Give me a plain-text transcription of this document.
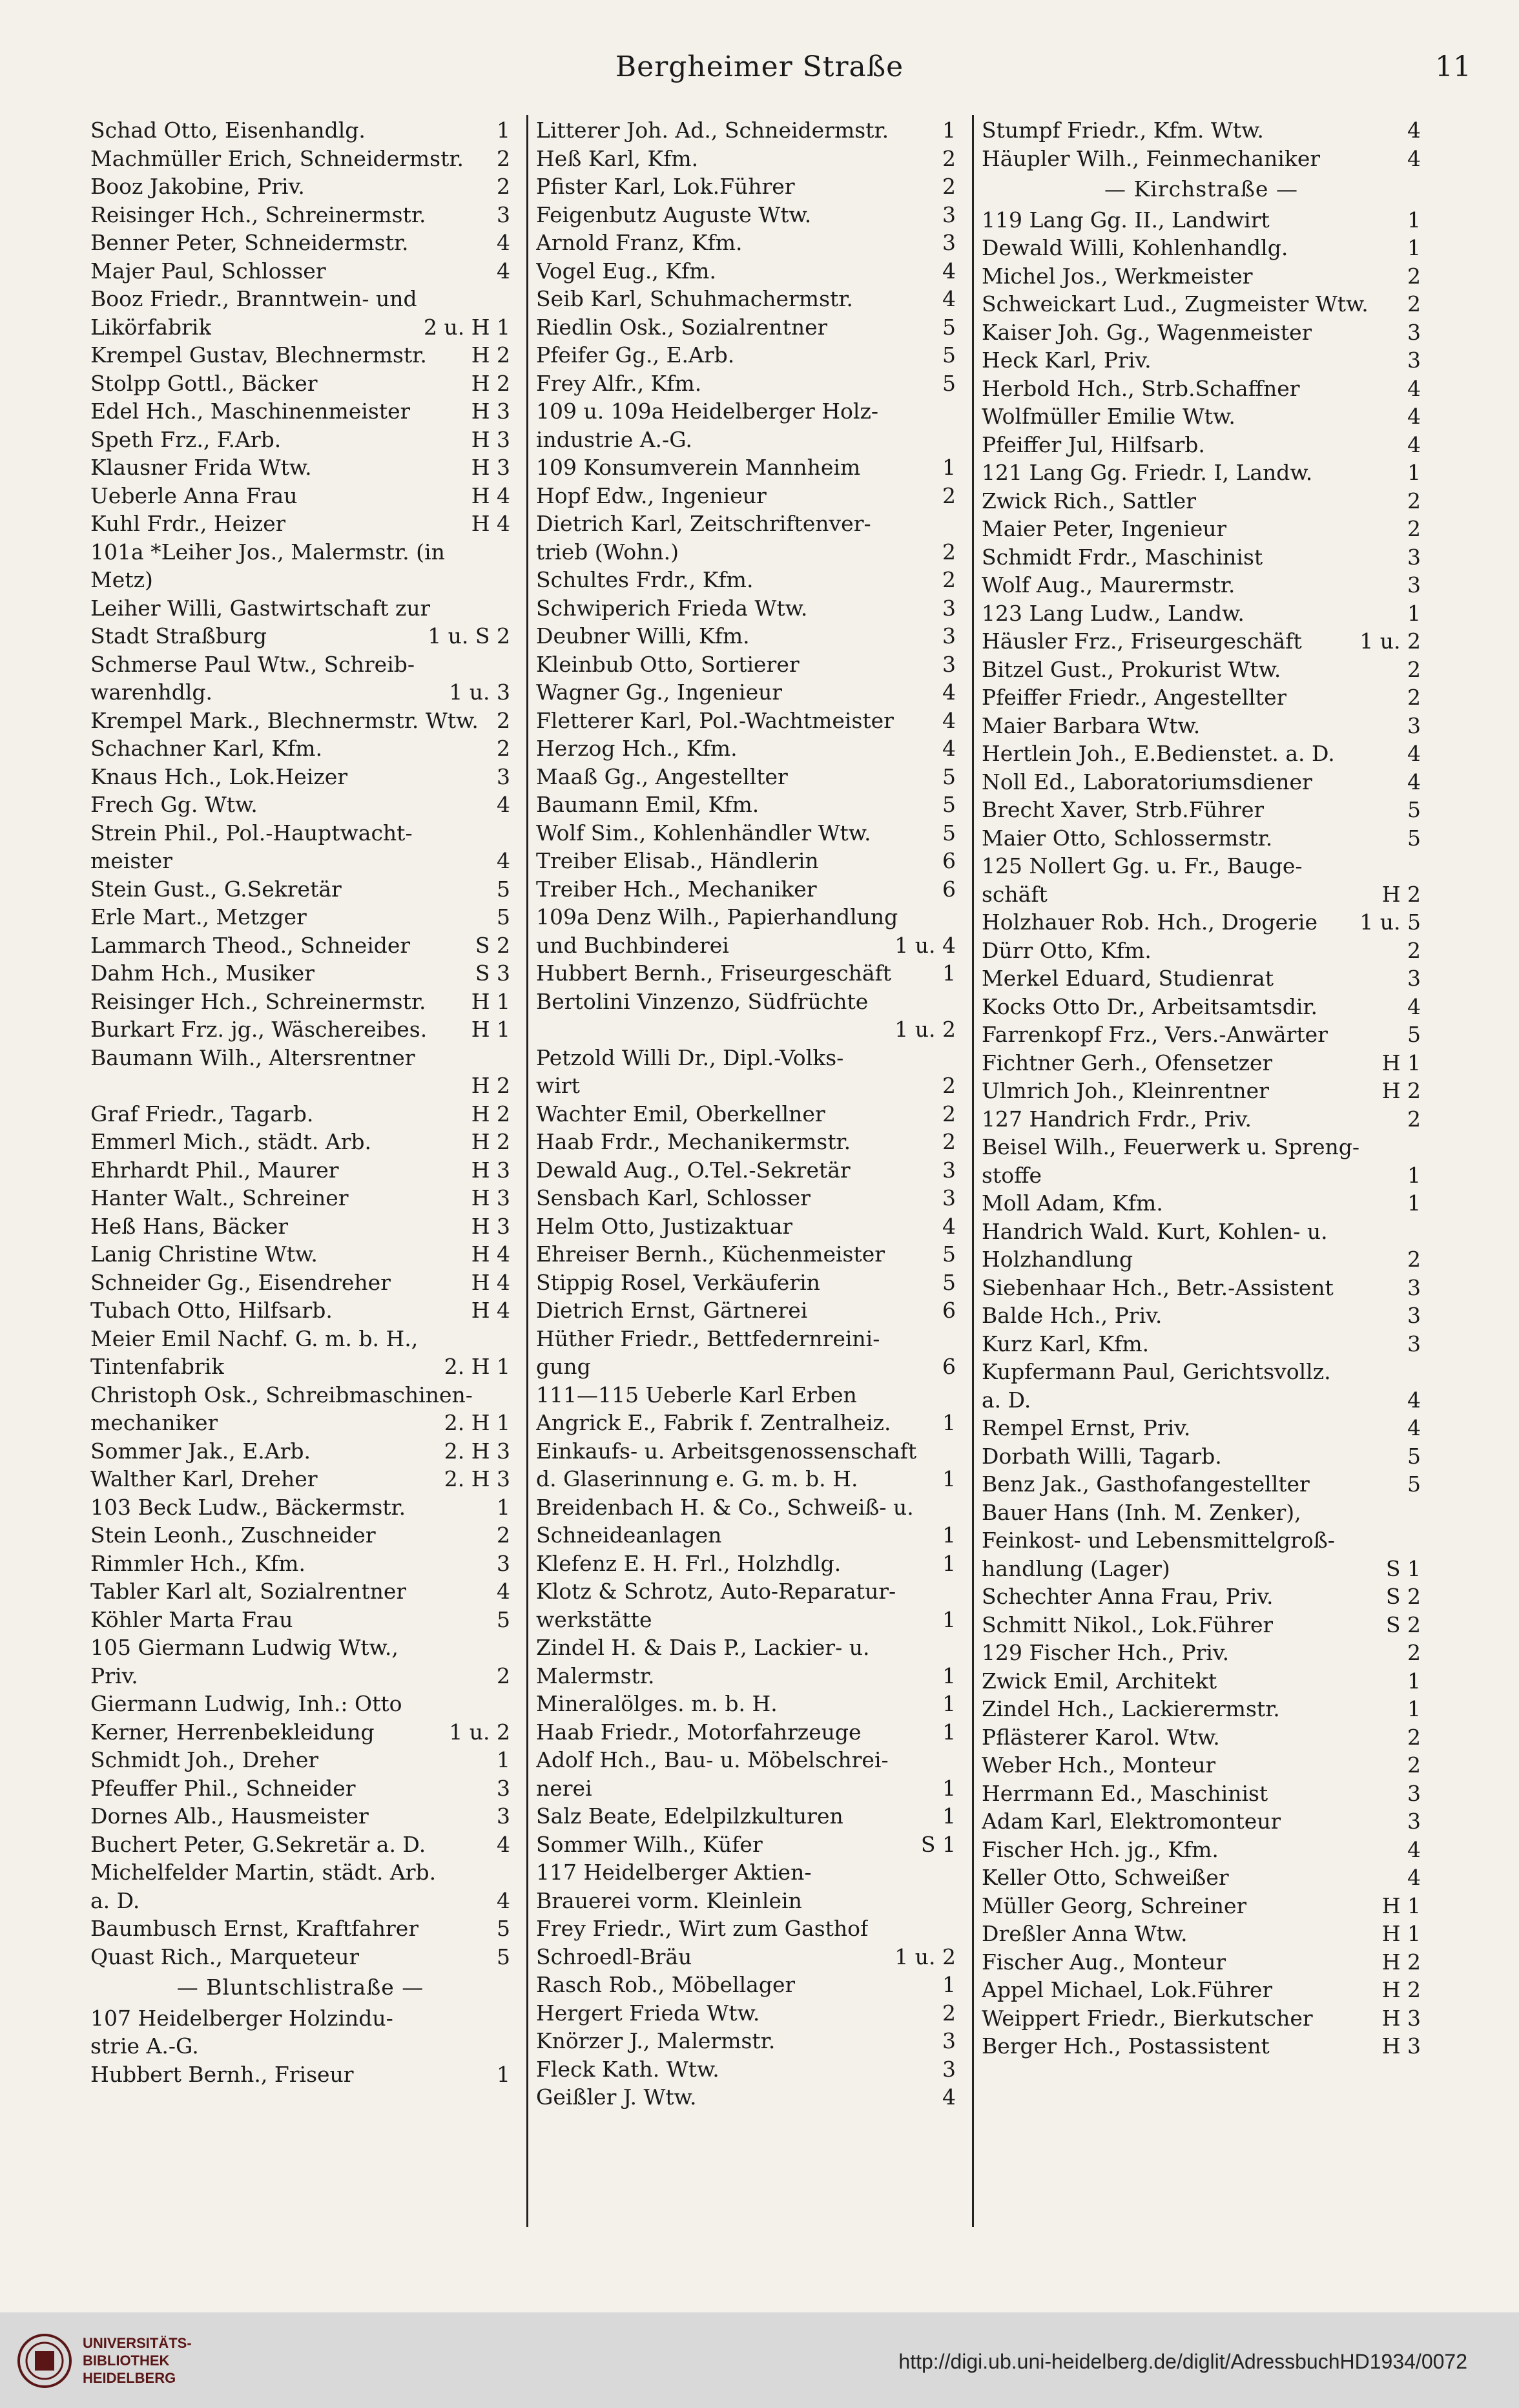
Bergheimer Straße	11
Schad Otto, Eisenhandlg.	1
Machmüller Erich, Schneidermstr. 2
Booz Jakobine, Priv.	2
Reisinger Hch., Schreinermstr.	3
Benner Peter, Schneidermstr.	4
Majer Paul, Schlosser	4
Booz Friedr., Branntwein- und
Likörfabrik	2 u. H 1
Krempel Gustav, Blechnermstr. H 2
Stolpp Gottl., Bäcker	H 2
Edel Hch., Maschinenmeister	H 3
Speth Frz., F.Arb.	H 3
Klausner Frida Wtw.	H 3
Ueberle Anna Frau	H 4
Kuhl Frdr., Heizer	H 4
101a *Leiher Jos., Malermstr. (in
Metz)
Leiher Willi, Gastwirtschaft zur
Stadt Straßburg	1 u. S 2
Schmerse Paul Wtw., Schreib-
warenhdlg.	1 u. 3
Krempel Mark., Blechnermstr. Wtw. 2
Schachner Karl, Kfm.	2
Knaus Hch., Lok.Heizer	3
Frech Gg. Wtw.	4
Strein Phil., Pol.-Hauptwacht-
meister	4
Stein Gust., G.Sekretär	5
Erle Mart., Metzger	5
Lammarch Theod., Schneider	S 2
Dahm Hch., Musiker	S 3
Reisinger Hch., Schreinermstr. H 1
Burkart Frz. jg., Wäschereibes. H 1
Baumann Wilh., Altersrentner
H 2
Graf Friedr., Tagarb.	H 2
Emmerl Mich., städt. Arb.	H 2
Ehrhardt Phil., Maurer	H 3
Hanter Walt., Schreiner	H 3
Heß Hans, Bäcker	H 3
Lanig Christine Wtw.	H 4
Schneider Gg., Eisendreher	H 4
Tubach Otto, Hilfsarb.	H 4
Meier Emil Nachf. G. m. b. H.,
Tintenfabrik	2. H 1
Christoph Osk., Schreibmaschinen-
mechaniker	2. H 1
Sommer Jak., E.Arb.	2. H 3
Walther Karl, Dreher	2. H 3
103 Beck Ludw., Bäckermstr.	1
Stein Leonh., Zuschneider	2
Rimmler Hch., Kfm.	3
Tabler Karl alt, Sozialrentner	4
Köhler Marta Frau	5
105 Giermann Ludwig Wtw.,
Priv.	2
Giermann Ludwig, Inh.: Otto
Kerner, Herrenbekleidung	1 u. 2
Schmidt Joh., Dreher	1
Pfeuffer Phil., Schneider	3
Dornes Alb., Hausmeister	3
Buchert Peter, G.Sekretär a. D.	4
Michelfelder Martin, städt. Arb.
a. D.	4
Baumbusch Ernst, Kraftfahrer	5
Quast Rich., Marqueteur	5
— Bluntschlistraße —
107 Heidelberger Holzindu-
strie A.-G.
Hubbert Bernh., Friseur	1
Litterer Joh. Ad., Schneidermstr.	1
Heß Karl, Kfm.	2
Pfister Karl, Lok.Führer	2
Feigenbutz Auguste Wtw.	3
Arnold Franz, Kfm.	3
Vogel Eug., Kfm.	4
Seib Karl, Schuhmachermstr.	4
Riedlin Osk., Sozialrentner	5
Pfeifer Gg., E.Arb.	5
Frey Alfr., Kfm.	5
109 u. 109a Heidelberger Holz-
industrie A.-G.
109 Konsumverein Mannheim	1
Hopf Edw., Ingenieur	2
Dietrich Karl, Zeitschriftenver-
trieb (Wohn.)	2
Schultes Frdr., Kfm.	2
Schwiperich Frieda Wtw.	3
Deubner Willi, Kfm.	3
Kleinbub Otto, Sortierer	3
Wagner Gg., Ingenieur	4
Fletterer Karl, Pol.-Wachtmeister 4
Herzog Hch., Kfm.	4
Maaß Gg., Angestellter	5
Baumann Emil, Kfm.	5
Wolf Sim., Kohlenhändler Wtw.	5
Treiber Elisab., Händlerin	6
Treiber Hch., Mechaniker	6
109a Denz Wilh., Papierhandlung
und Buchbinderei	1 u. 4
Hubbert Bernh., Friseurgeschäft 1
Bertolini Vinzenzo, Südfrüchte
1 u. 2
Petzold Willi Dr., Dipl.-Volks-
wirt	2
Wachter Emil, Oberkellner	2
Haab Frdr., Mechanikermstr.	2
Dewald Aug., O.Tel.-Sekretär	3
Sensbach Karl, Schlosser	3
Helm Otto, Justizaktuar	4
Ehreiser Bernh., Küchenmeister	5
Stippig Rosel, Verkäuferin	5
Dietrich Ernst, Gärtnerei	6
Hüther Friedr., Bettfedernreini-
gung	6
111—115 Ueberle Karl Erben
Angrick E., Fabrik f. Zentralheiz. 1
Einkaufs- u. Arbeitsgenossenschaft
d. Glaserinnung e. G. m. b. H.	1
Breidenbach H. & Co., Schweiß- u.
Schneideanlagen	1
Klefenz E. H. Frl., Holzhdlg.	1
Klotz & Schrotz, Auto-Reparatur-
werkstätte	1
Zindel H. & Dais P., Lackier- u.
Malermstr.	1
Mineralölges. m. b. H.	1
Haab Friedr., Motorfahrzeuge	1
Adolf Hch., Bau- u. Möbelschrei-
nerei	1
Salz Beate, Edelpilzkulturen	1
Sommer Wilh., Küfer	S 1
117 Heidelberger Aktien-
Brauerei vorm. Kleinlein
Frey Friedr., Wirt zum Gasthof
Schroedl-Bräu	1 u. 2
Rasch Rob., Möbellager	1
Hergert Frieda Wtw.	2
Knörzer J., Malermstr.	3
Fleck Kath. Wtw.	3
Geißler J. Wtw.	4
Stumpf Friedr., Kfm. Wtw.	4
Häupler Wilh., Feinmechaniker	4
— Kirchstraße —
119 Lang Gg. II., Landwirt	1
Dewald Willi, Kohlenhandlg.	1
Michel Jos., Werkmeister	2
Schweickart Lud., Zugmeister Wtw. 2
Kaiser Joh. Gg., Wagenmeister	3
Heck Karl, Priv.	3
Herbold Hch., Strb.Schaffner	4
Wolfmüller Emilie Wtw.	4
Pfeiffer Jul, Hilfsarb.	4
121 Lang Gg. Friedr. I, Landw.	1
Zwick Rich., Sattler	2
Maier Peter, Ingenieur	2
Schmidt Frdr., Maschinist	3
Wolf Aug., Maurermstr.	3
123 Lang Ludw., Landw.	1
Häusler Frz., Friseurgeschäft	1 u. 2
Bitzel Gust., Prokurist Wtw.	2
Pfeiffer Friedr., Angestellter	2
Maier Barbara Wtw.	3
Hertlein Joh., E.Bedienstet. a. D.	4
Noll Ed., Laboratoriumsdiener	4
Brecht Xaver, Strb.Führer	5
Maier Otto, Schlossermstr.	5
125 Nollert Gg. u. Fr., Bauge-
schäft	H 2
Holzhauer Rob. Hch., Drogerie 1 u. 5
Dürr Otto, Kfm.	2
Merkel Eduard, Studienrat	3
Kocks Otto Dr., Arbeitsamtsdir.	4
Farrenkopf Frz., Vers.-Anwärter	5
Fichtner Gerh., Ofensetzer	H 1
Ulmrich Joh., Kleinrentner	H 2
127 Handrich Frdr., Priv.	2
Beisel Wilh., Feuerwerk u. Spreng-
stoffe	1
Moll Adam, Kfm.	1
Handrich Wald. Kurt, Kohlen- u.
Holzhandlung	2
Siebenhaar Hch., Betr.-Assistent	3
Balde Hch., Priv.	3
Kurz Karl, Kfm.	3
Kupfermann Paul, Gerichtsvollz.
a. D.	4
Rempel Ernst, Priv.	4
Dorbath Willi, Tagarb.	5
Benz Jak., Gasthofangestellter	5
Bauer Hans (Inh. M. Zenker),
Feinkost- und Lebensmittelgroß-
handlung (Lager)	S 1
Schechter Anna Frau, Priv.	S 2
Schmitt Nikol., Lok.Führer	S 2
129 Fischer Hch., Priv.	2
Zwick Emil, Architekt	1
Zindel Hch., Lackierermstr.	1
Pflästerer Karol. Wtw.	2
Weber Hch., Monteur	2
Herrmann Ed., Maschinist	3
Adam Karl, Elektromonteur	3
Fischer Hch. jg., Kfm.	4
Keller Otto, Schweißer	4
Müller Georg, Schreiner	H 1
Dreßler Anna Wtw.	H 1
Fischer Aug., Monteur	H 2
Appel Michael, Lok.Führer	H 2
Weippert Friedr., Bierkutscher	H 3
Berger Hch., Postassistent	H 3
UNIVERSITÄTS-
BIBLIOTHEK
HEIDELBERG
http://digi.ub.uni-heidelberg.de/diglit/AdressbuchHD1934/0072
